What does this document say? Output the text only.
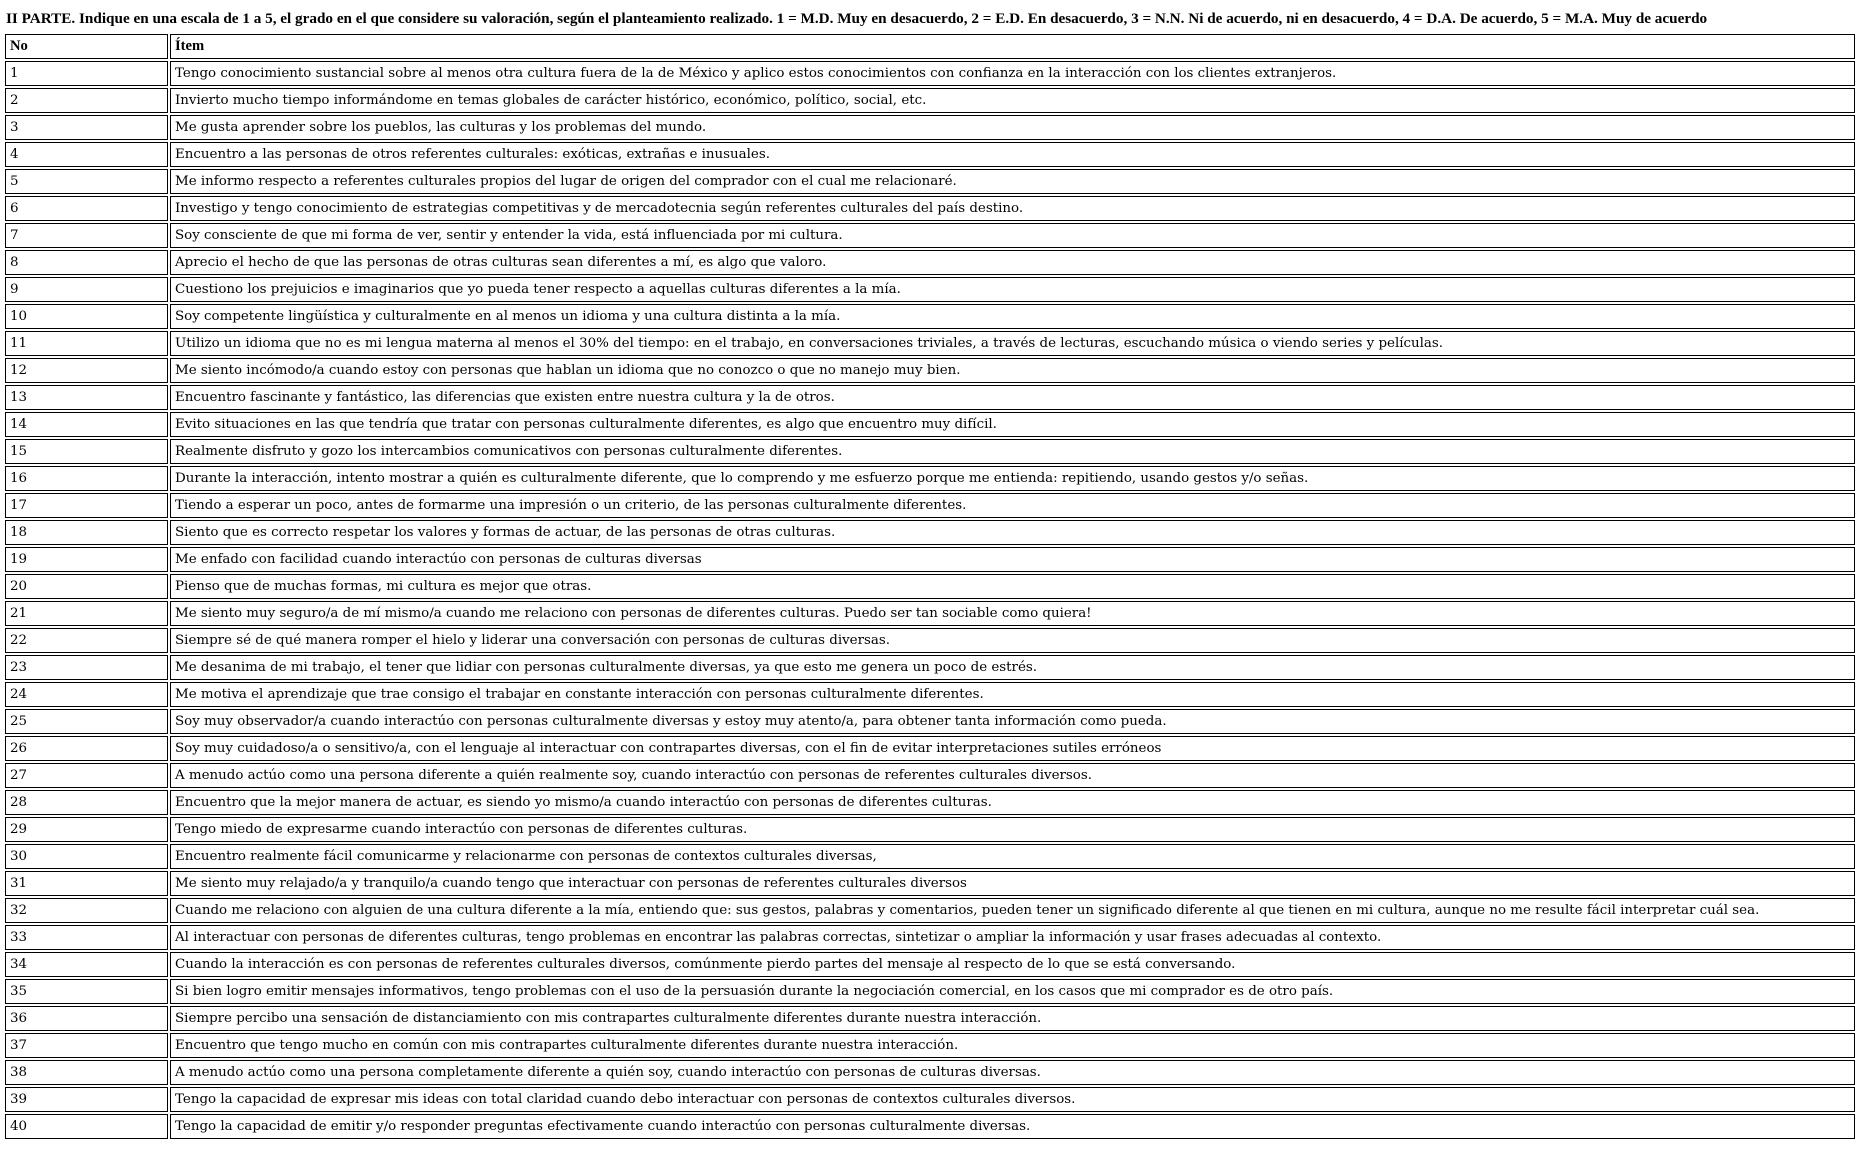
II PARTE. Indique en una escala de 1 a 5, el grado en el que considere su valoración, según el planteamiento realizado. 1 = M.D. Muy en desacuerdo, 2 = E.D. En desacuerdo, 3 = N.N. Ni de acuerdo, ni en desacuerdo, 4 = D.A. De acuerdo, 5 = M.A. Muy de acuerdo
No	Ítem
1	Tengo conocimiento sustancial sobre al menos otra cultura fuera de la de México y aplico estos conocimientos con confianza en la interacción con los clientes extranjeros.
2	Invierto mucho tiempo informándome en temas globales de carácter histórico, económico, político, social, etc.
3	Me gusta aprender sobre los pueblos, las culturas y los problemas del mundo.
4	Encuentro a las personas de otros referentes culturales: exóticas, extrañas e inusuales.
5	Me informo respecto a referentes culturales propios del lugar de origen del comprador con el cual me relacionaré.
6	Investigo y tengo conocimiento de estrategias competitivas y de mercadotecnia según referentes culturales del país destino.
7	Soy consciente de que mi forma de ver, sentir y entender la vida, está influenciada por mi cultura.
8	Aprecio el hecho de que las personas de otras culturas sean diferentes a mí, es algo que valoro.
9	Cuestiono los prejuicios e imaginarios que yo pueda tener respecto a aquellas culturas diferentes a la mía.
10	Soy competente lingüística y culturalmente en al menos un idioma y una cultura distinta a la mía.
11	Utilizo un idioma que no es mi lengua materna al menos el 30% del tiempo: en el trabajo, en conversaciones triviales, a través de lecturas, escuchando música o viendo series y películas.
12	Me siento incómodo/a cuando estoy con personas que hablan un idioma que no conozco o que no manejo muy bien.
13	Encuentro fascinante y fantástico, las diferencias que existen entre nuestra cultura y la de otros.
14	Evito situaciones en las que tendría que tratar con personas culturalmente diferentes, es algo que encuentro muy difícil.
15	Realmente disfruto y gozo los intercambios comunicativos con personas culturalmente diferentes.
16	Durante la interacción, intento mostrar a quién es culturalmente diferente, que lo comprendo y me esfuerzo porque me entienda: repitiendo, usando gestos y/o señas.
17	Tiendo a esperar un poco, antes de formarme una impresión o un criterio, de las personas culturalmente diferentes.
18	Siento que es correcto respetar los valores y formas de actuar, de las personas de otras culturas.
19	Me enfado con facilidad cuando interactúo con personas de culturas diversas
20	Pienso que de muchas formas, mi cultura es mejor que otras.
21	Me siento muy seguro/a de mí mismo/a cuando me relaciono con personas de diferentes culturas. Puedo ser tan sociable como quiera!
22	Siempre sé de qué manera romper el hielo y liderar una conversación con personas de culturas diversas.
23	Me desanima de mi trabajo, el tener que lidiar con personas culturalmente diversas, ya que esto me genera un poco de estrés.
24	Me motiva el aprendizaje que trae consigo el trabajar en constante interacción con personas culturalmente diferentes.
25	Soy muy observador/a cuando interactúo con personas culturalmente diversas y estoy muy atento/a, para obtener tanta información como pueda.
26	Soy muy cuidadoso/a o sensitivo/a, con el lenguaje al interactuar con contrapartes diversas, con el fin de evitar interpretaciones sutiles erróneos
27	A menudo actúo como una persona diferente a quién realmente soy, cuando interactúo con personas de referentes culturales diversos.
28	Encuentro que la mejor manera de actuar, es siendo yo mismo/a cuando interactúo con personas de diferentes culturas.
29	Tengo miedo de expresarme cuando interactúo con personas de diferentes culturas.
30	Encuentro realmente fácil comunicarme y relacionarme con personas de contextos culturales diversas,
31	Me siento muy relajado/a y tranquilo/a cuando tengo que interactuar con personas de referentes culturales diversos
32	Cuando me relaciono con alguien de una cultura diferente a la mía, entiendo que: sus gestos, palabras y comentarios, pueden tener un significado diferente al que tienen en mi cultura, aunque no me resulte fácil interpretar cuál sea.
33	Al interactuar con personas de diferentes culturas, tengo problemas en encontrar las palabras correctas, sintetizar o ampliar la información y usar frases adecuadas al contexto.
34	Cuando la interacción es con personas de referentes culturales diversos, comúnmente pierdo partes del mensaje al respecto de lo que se está conversando.
35	Si bien logro emitir mensajes informativos, tengo problemas con el uso de la persuasión durante la negociación comercial, en los casos que mi comprador es de otro país.
36	Siempre percibo una sensación de distanciamiento con mis contrapartes culturalmente diferentes durante nuestra interacción.
37	Encuentro que tengo mucho en común con mis contrapartes culturalmente diferentes durante nuestra interacción.
38	A menudo actúo como una persona completamente diferente a quién soy, cuando interactúo con personas de culturas diversas.
39	Tengo la capacidad de expresar mis ideas con total claridad cuando debo interactuar con personas de contextos culturales diversos.
40	Tengo la capacidad de emitir y/o responder preguntas efectivamente cuando interactúo con personas culturalmente diversas.
